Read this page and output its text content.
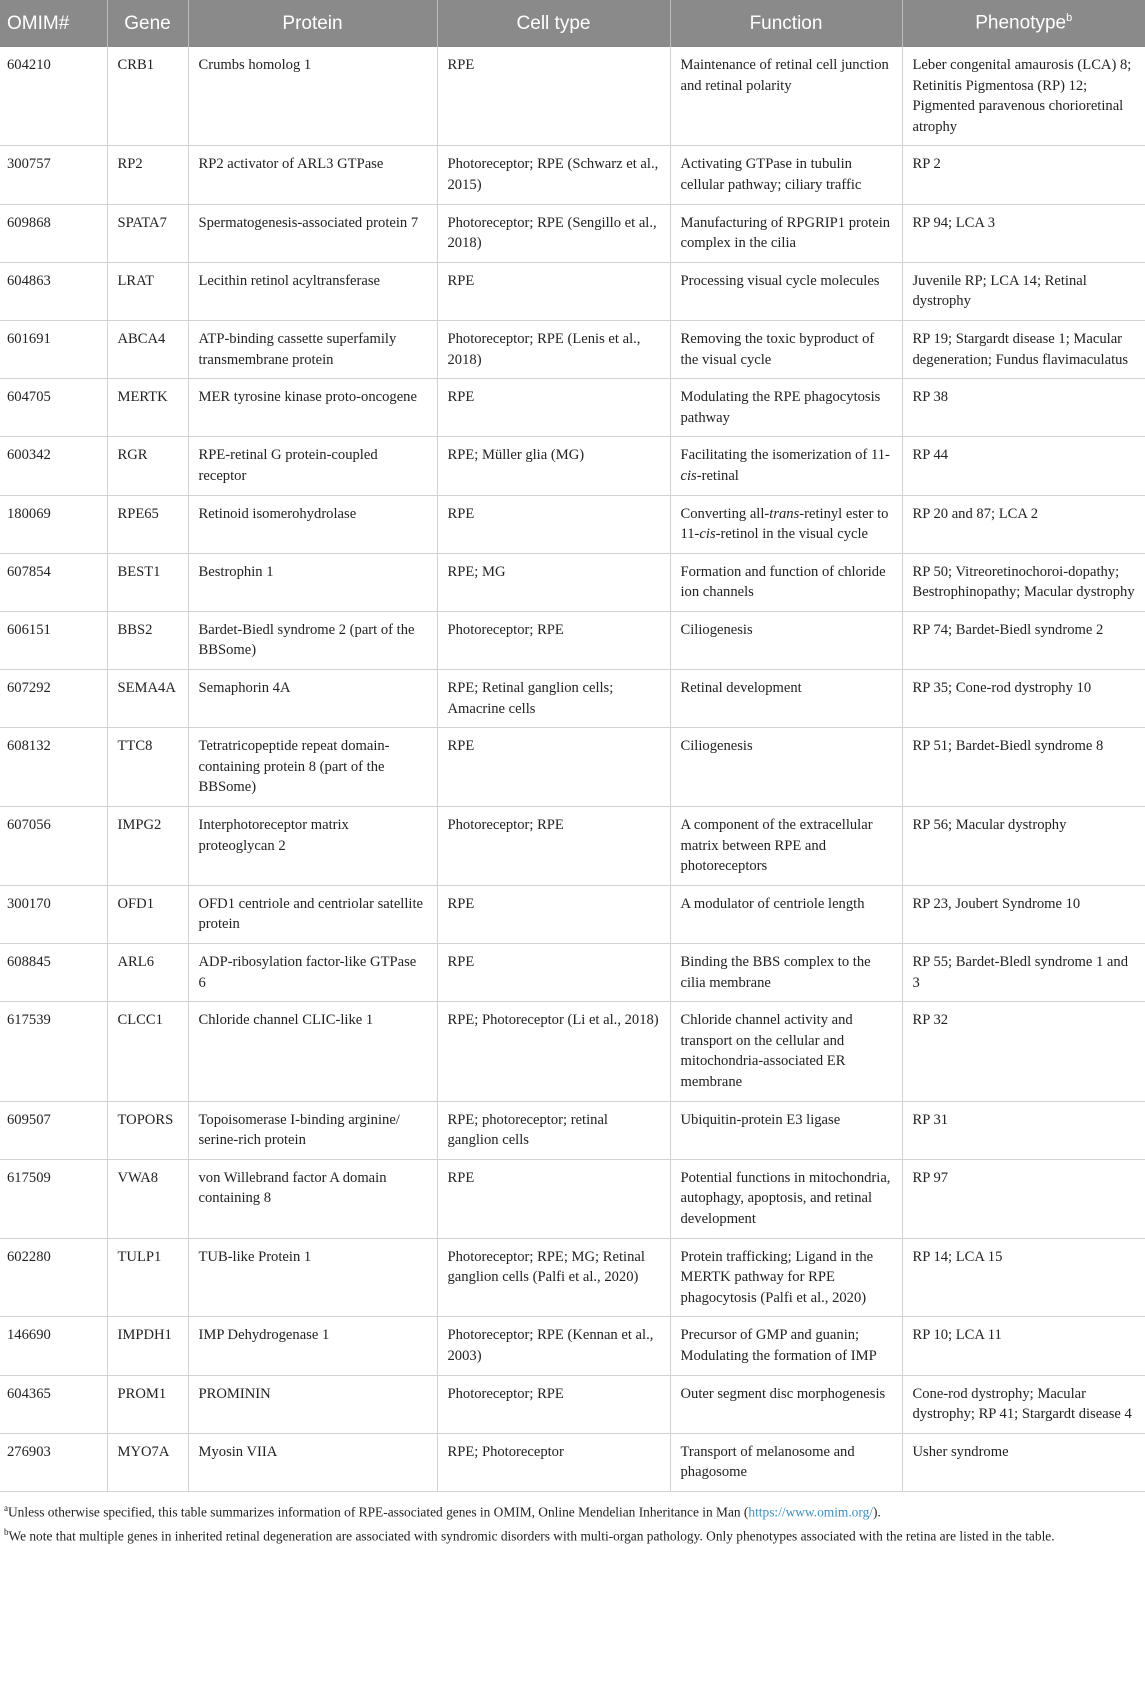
OMIM#	Gene	Protein	Cell type	Function	Phenotype$^b$
604210	CRB1	Crumbs homolog 1	RPE	Maintenance of retinal cell junction and retinal polarity	Leber congenital amaurosis (LCA) 8; Retinitis Pigmentosa (RP) 12; Pigmented paravenous chorioretinal atrophy
300757	RP2	RP2 activator of ARL3 GTPase	Photoreceptor; RPE (Schwarz et al., 2015)	Activating GTPase in tubulin cellular pathway; ciliary traffic	RP 2
609868	SPATA7	Spermatogenesis-associated protein 7	Photoreceptor; RPE (Sengillo et al., 2018)	Manufacturing of RPGRIP1 protein complex in the cilia	RP 94; LCA 3
604863	LRAT	Lecithin retinol acyltransferase	RPE	Processing visual cycle molecules	Juvenile RP; LCA 14; Retinal dystrophy
601691	ABCA4	ATP-binding cassette superfamily transmembrane protein	Photoreceptor; RPE (Lenis et al., 2018)	Removing the toxic byproduct of the visual cycle	RP 19; Stargardt disease 1; Macular degeneration; Fundus flavimaculatus
604705	MERTK	MER tyrosine kinase proto-oncogene	RPE	Modulating the RPE phagocytosis pathway	RP 38
600342	RGR	RPE-retinal G protein-coupled receptor	RPE; Müller glia (MG)	Facilitating the isomerization of 11-cis-retinal	RP 44
180069	RPE65	Retinoid isomerohydrolase	RPE	Converting all-trans-retinyl ester to 11-cis-retinol in the visual cycle	RP 20 and 87; LCA 2
607854	BEST1	Bestrophin 1	RPE; MG	Formation and function of chloride ion channels	RP 50; Vitreoretinochoroi-dopathy; Bestrophinopathy; Macular dystrophy
606151	BBS2	Bardet-Biedl syndrome 2 (part of the BBSome)	Photoreceptor; RPE	Ciliogenesis	RP 74; Bardet-Biedl syndrome 2
607292	SEMA4A	Semaphorin 4A	RPE; Retinal ganglion cells; Amacrine cells	Retinal development	RP 35; Cone-rod dystrophy 10
608132	TTC8	Tetratricopeptide repeat domain-containing protein 8 (part of the BBSome)	RPE	Ciliogenesis	RP 51; Bardet-Biedl syndrome 8
607056	IMPG2	Interphotoreceptor matrix proteoglycan 2	Photoreceptor; RPE	A component of the extracellular matrix between RPE and photoreceptors	RP 56; Macular dystrophy
300170	OFD1	OFD1 centriole and centriolar satellite protein	RPE	A modulator of centriole length	RP 23, Joubert Syndrome 10
608845	ARL6	ADP-ribosylation factor-like GTPase 6	RPE	Binding the BBS complex to the cilia membrane	RP 55; Bardet-Bledl syndrome 1 and 3
617539	CLCC1	Chloride channel CLIC-like 1	RPE; Photoreceptor (Li et al., 2018)	Chloride channel activity and transport on the cellular and mitochondria-associated ER membrane	RP 32
609507	TOPORS	Topoisomerase I-binding arginine/ serine-rich protein	RPE; photoreceptor; retinal ganglion cells	Ubiquitin-protein E3 ligase	RP 31
617509	VWA8	von Willebrand factor A domain containing 8	RPE	Potential functions in mitochondria, autophagy, apoptosis, and retinal development	RP 97
602280	TULP1	TUB-like Protein 1	Photoreceptor; RPE; MG; Retinal ganglion cells (Palfi et al., 2020)	Protein trafficking; Ligand in the MERTK pathway for RPE phagocytosis (Palfi et al., 2020)	RP 14; LCA 15
146690	IMPDH1	IMP Dehydrogenase 1	Photoreceptor; RPE (Kennan et al., 2003)	Precursor of GMP and guanin; Modulating the formation of IMP	RP 10; LCA 11
604365	PROM1	PROMININ	Photoreceptor; RPE	Outer segment disc morphogenesis	Cone-rod dystrophy; Macular dystrophy; RP 41; Stargardt disease 4
276903	MYO7A	Myosin VIIA	RPE; Photoreceptor	Transport of melanosome and phagosome	Usher syndrome
$^a$Unless otherwise specified, this table summarizes information of RPE-associated genes in OMIM, Online Mendelian Inheritance in Man (https://www.omim.org/).
$^b$We note that multiple genes in inherited retinal degeneration are associated with syndromic disorders with multi-organ pathology. Only phenotypes associated with the retina are listed in the table.
